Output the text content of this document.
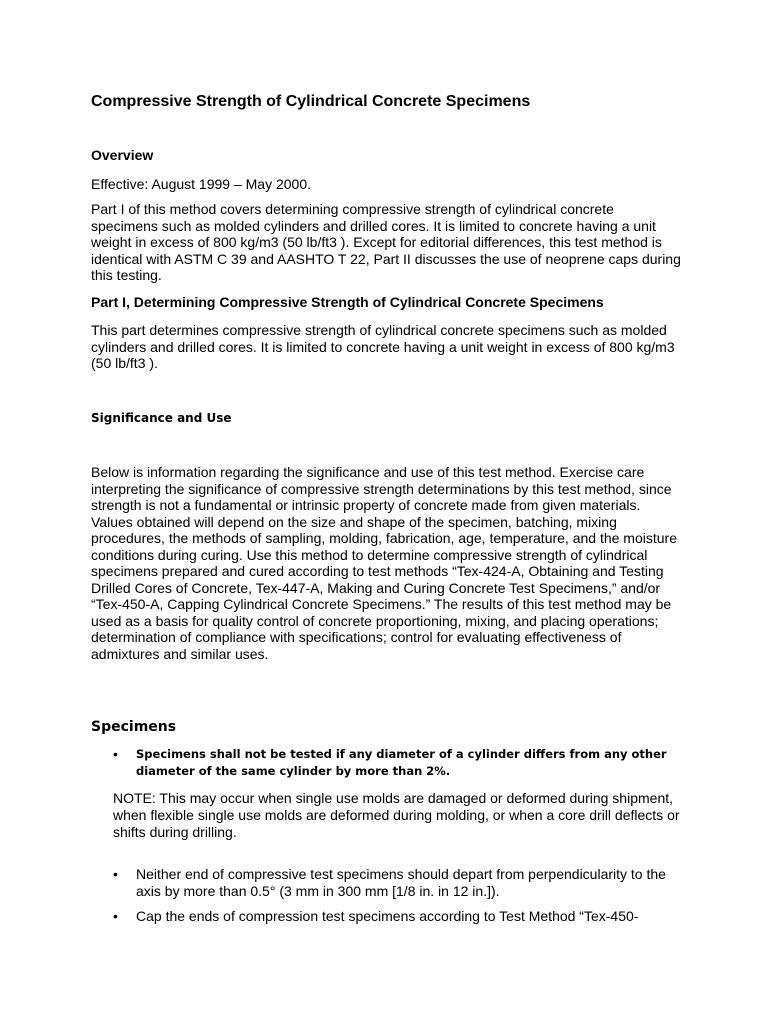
Compressive Strength of Cylindrical Concrete Specimens
Overview

Effective: August 1999 – May 2000.

Part I of this method covers determining compressive strength of cylindrical concrete specimens such as molded cylinders and drilled cores. It is limited to concrete having a unit weight in excess of 800 kg/m3 (50 lb/ft3 ). Except for editorial differences, this test method is identical with ASTM C 39 and AASHTO T 22, Part II discusses the use of neoprene caps during this testing.

Part I, Determining Compressive Strength of Cylindrical Concrete Specimens

This part determines compressive strength of cylindrical concrete specimens such as molded cylinders and drilled cores. It is limited to concrete having a unit weight in excess of 800 kg/m3 (50 lb/ft3 ).

Significance and Use

Below is information regarding the significance and use of this test method. Exercise care interpreting the significance of compressive strength determinations by this test method, since strength is not a fundamental or intrinsic property of concrete made from given materials. Values obtained will depend on the size and shape of the specimen, batching, mixing procedures, the methods of sampling, molding, fabrication, age, temperature, and the moisture conditions during curing. Use this method to determine compressive strength of cylindrical specimens prepared and cured according to test methods “Tex-424-A, Obtaining and Testing Drilled Cores of Concrete, Tex-447-A, Making and Curing Concrete Test Specimens,” and/or “Tex-450-A, Capping Cylindrical Concrete Specimens.” The results of this test method may be used as a basis for quality control of concrete proportioning, mixing, and placing operations; determination of compliance with specifications; control for evaluating effectiveness of admixtures and similar uses.

Specimens
• Specimens shall not be tested if any diameter of a cylinder differs from any other diameter of the same cylinder by more than 2%.

NOTE: This may occur when single use molds are damaged or deformed during shipment, when flexible single use molds are deformed during molding, or when a core drill deflects or shifts during drilling.

• Neither end of compressive test specimens should depart from perpendicularity to the axis by more than 0.5° (3 mm in 300 mm [1/8 in. in 12 in.]).

• Cap the ends of compression test specimens according to Test Method “Tex-450-
